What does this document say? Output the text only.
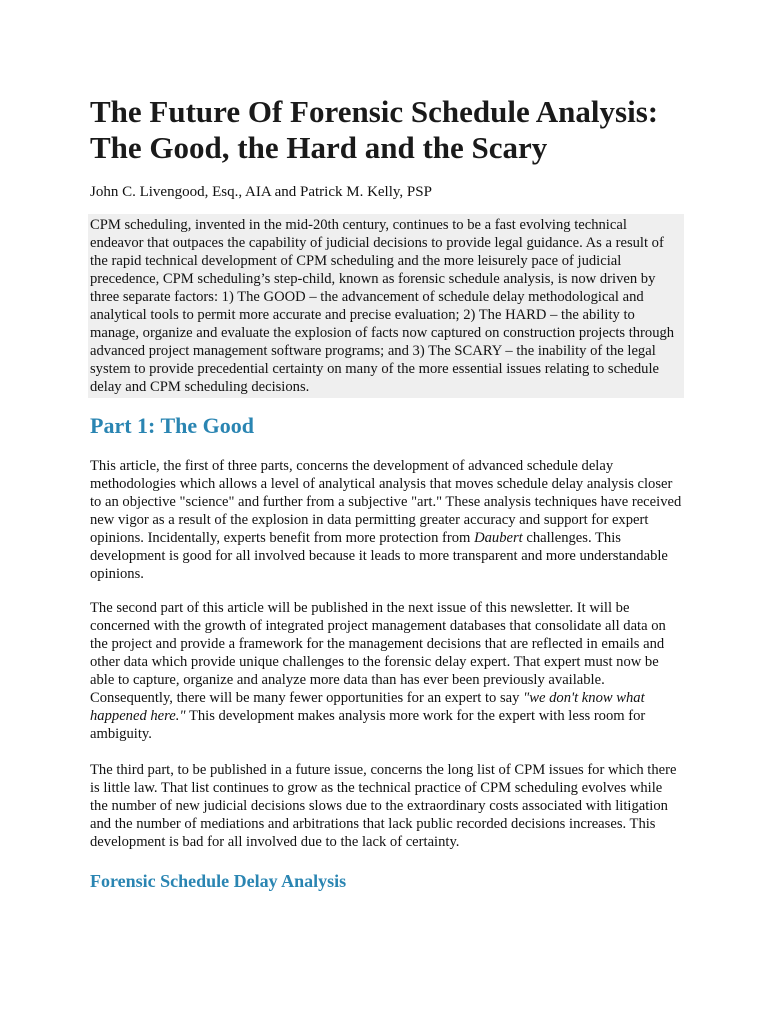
The Future Of Forensic Schedule Analysis: The Good, the Hard and the Scary
John C. Livengood, Esq., AIA and Patrick M. Kelly, PSP
CPM scheduling, invented in the mid-20th century, continues to be a fast evolving technical endeavor that outpaces the capability of judicial decisions to provide legal guidance. As a result of the rapid technical development of CPM scheduling and the more leisurely pace of judicial precedence, CPM scheduling’s step-child, known as forensic schedule analysis, is now driven by three separate factors: 1) The GOOD – the advancement of schedule delay methodological and analytical tools to permit more accurate and precise evaluation; 2) The HARD – the ability to manage, organize and evaluate the explosion of facts now captured on construction projects through advanced project management software programs; and 3) The SCARY – the inability of the legal system to provide precedential certainty on many of the more essential issues relating to schedule delay and CPM scheduling decisions.
Part 1: The Good

This article, the first of three parts, concerns the development of advanced schedule delay methodologies which allows a level of analytical analysis that moves schedule delay analysis closer to an objective "science" and further from a subjective "art." These analysis techniques have received new vigor as a result of the explosion in data permitting greater accuracy and support for expert opinions. Incidentally, experts benefit from more protection from Daubert challenges. This development is good for all involved because it leads to more transparent and more understandable opinions.

The second part of this article will be published in the next issue of this newsletter. It will be concerned with the growth of integrated project management databases that consolidate all data on the project and provide a framework for the management decisions that are reflected in emails and other data which provide unique challenges to the forensic delay expert. That expert must now be able to capture, organize and analyze more data than has ever been previously available. Consequently, there will be many fewer opportunities for an expert to say "we don't know what happened here." This development makes analysis more work for the expert with less room for ambiguity.

The third part, to be published in a future issue, concerns the long list of CPM issues for which there is little law. That list continues to grow as the technical practice of CPM scheduling evolves while the number of new judicial decisions slows due to the extraordinary costs associated with litigation and the number of mediations and arbitrations that lack public recorded decisions increases. This development is bad for all involved due to the lack of certainty.

Forensic Schedule Delay Analysis
